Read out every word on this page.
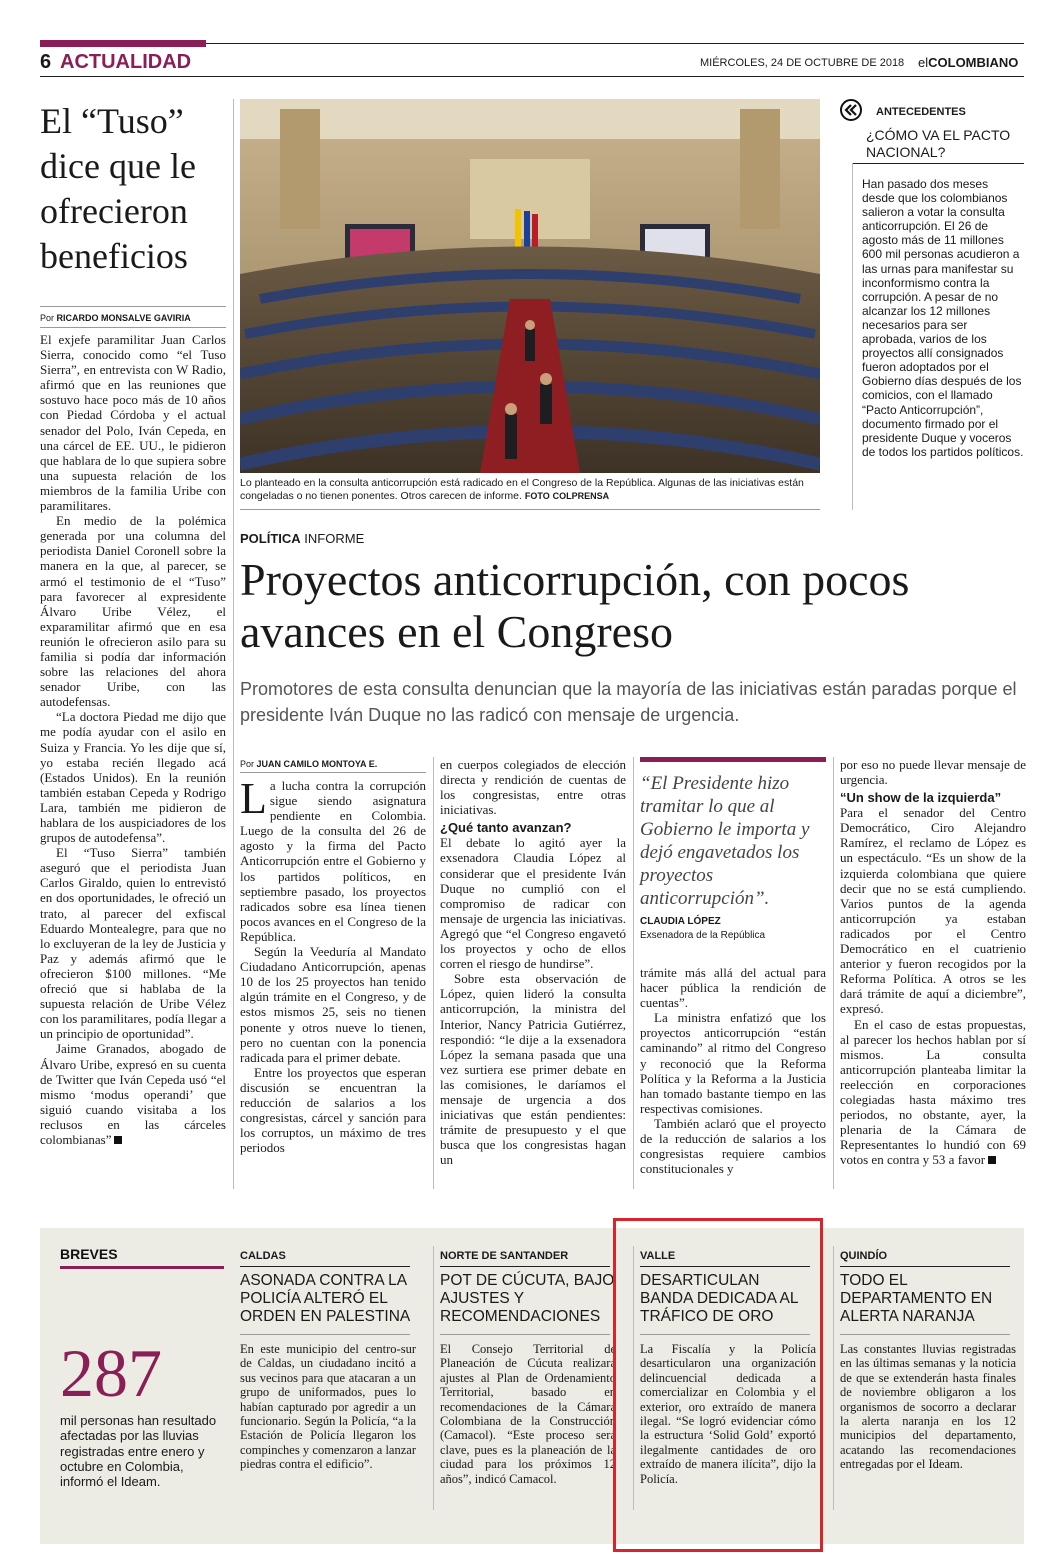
6 ACTUALIDAD	MIÉRCOLES, 24 DE OCTUBRE DE 2018 elCOLOMBIANO
El “Tuso” dice que le ofrecieron beneficios
Por RICARDO MONSALVE GAVIRIA

El exjefe paramilitar Juan Carlos Sierra, conocido como “el Tuso Sierra”, en entrevista con W Radio, afirmó que en las reuniones que sostuvo hace poco más de 10 años con Piedad Córdoba y el actual senador del Polo, Iván Cepeda, en una cárcel de EE. UU., le pidieron que hablara de lo que supiera sobre una supuesta relación de los miembros de la familia Uribe con paramilitares.

En medio de la polémica generada por una columna del periodista Daniel Coronell sobre la manera en la que, al parecer, se armó el testimonio de el “Tuso” para favorecer al expresidente Álvaro Uribe Vélez, el exparamilitar afirmó que en esa reunión le ofrecieron asilo para su familia si podía dar información sobre las relaciones del ahora senador Uribe, con las autodefensas.

“La doctora Piedad me dijo que me podía ayudar con el asilo en Suiza y Francia. Yo les dije que sí, yo estaba recién llegado acá (Estados Unidos). En la reunión también estaban Cepeda y Rodrigo Lara, también me pidieron de hablara de los auspiciadores de los grupos de autodefensa”.

El “Tuso Sierra” también aseguró que el periodista Juan Carlos Giraldo, quien lo entrevistó en dos oportunidades, le ofreció un trato, al parecer del exfiscal Eduardo Montealegre, para que no lo excluyeran de la ley de Justicia y Paz y además afirmó que le ofrecieron $100 millones. “Me ofreció que si hablaba de la supuesta relación de Uribe Vélez con los paramilitares, podía llegar a un principio de oportunidad”.

Jaime Granados, abogado de Álvaro Uribe, expresó en su cuenta de Twitter que Iván Cepeda usó “el mismo ‘modus operandi’ que siguió cuando visitaba a los reclusos en las cárceles colombianas”

Lo planteado en la consulta anticorrupción está radicado en el Congreso de la República. Algunas de las iniciativas están congeladas o no tienen ponentes. Otros carecen de informe. FOTO COLPRENSA
ANTECEDENTES
¿CÓMO VA EL PACTO NACIONAL?
Han pasado dos meses desde que los colombianos salieron a votar la consulta anticorrupción. El 26 de agosto más de 11 millones 600 mil personas acudieron a las urnas para manifestar su inconformismo contra la corrupción. A pesar de no alcanzar los 12 millones necesarios para ser aprobada, varios de los proyectos allí consignados fueron adoptados por el Gobierno días después de los comicios, con el llamado “Pacto Anticorrupción”, documento firmado por el presidente Duque y voceros de todos los partidos políticos.
POLÍTICA INFORME
Proyectos anticorrupción, con pocos avances en el Congreso
Promotores de esta consulta denuncian que la mayoría de las iniciativas están paradas porque el presidente Iván Duque no las radicó con mensaje de urgencia.
Por JUAN CAMILO MONTOYA E.

La lucha contra la corrupción sigue siendo asignatura pendiente en Colombia. Luego de la consulta del 26 de agosto y la firma del Pacto Anticorrupción entre el Gobierno y los partidos políticos, en septiembre pasado, los proyectos radicados sobre esa línea tienen pocos avances en el Congreso de la República.

Según la Veeduría al Mandato Ciudadano Anticorrupción, apenas 10 de los 25 proyectos han tenido algún trámite en el Congreso, y de estos mismos 25, seis no tienen ponente y otros nueve lo tienen, pero no cuentan con la ponencia radicada para el primer debate.

Entre los proyectos que esperan discusión se encuentran la reducción de salarios a los congresistas, cárcel y sanción para los corruptos, un máximo de tres periodos

en cuerpos colegiados de elección directa y rendición de cuentas de los congresistas, entre otras iniciativas.

¿Qué tanto avanzan?

El debate lo agitó ayer la exsenadora Claudia López al considerar que el presidente Iván Duque no cumplió con el compromiso de radicar con mensaje de urgencia las iniciativas. Agregó que “el Congreso engavetó los proyectos y ocho de ellos corren el riesgo de hundirse”.

Sobre esta observación de López, quien lideró la consulta anticorrupción, la ministra del Interior, Nancy Patricia Gutiérrez, respondió: “le dije a la exsenadora López la semana pasada que una vez surtiera ese primer debate en las comisiones, le daríamos el mensaje de urgencia a dos iniciativas que están pendientes: trámite de presupuesto y el que busca que los congresistas hagan un

“El Presidente hizo tramitar lo que al Gobierno le importa y dejó engavetados los proyectos anticorrupción”.
CLAUDIA LÓPEZ
Exsenadora de la República

trámite más allá del actual para hacer pública la rendición de cuentas”.

La ministra enfatizó que los proyectos anticorrupción “están caminando” al ritmo del Congreso y reconoció que la Reforma Política y la Reforma a la Justicia han tomado bastante tiempo en las respectivas comisiones.

También aclaró que el proyecto de la reducción de salarios a los congresistas requiere cambios constitucionales y

por eso no puede llevar mensaje de urgencia.

“Un show de la izquierda”

Para el senador del Centro Democrático, Ciro Alejandro Ramírez, el reclamo de López es un espectáculo. “Es un show de la izquierda colombiana que quiere decir que no se está cumpliendo. Varios puntos de la agenda anticorrupción ya estaban radicados por el Centro Democrático en el cuatrienio anterior y fueron recogidos por la Reforma Política. A otros se les dará trámite de aquí a diciembre”, expresó.

En el caso de estas propuestas, al parecer los hechos hablan por sí mismos. La consulta anticorrupción planteaba limitar la reelección en corporaciones colegiadas hasta máximo tres periodos, no obstante, ayer, la plenaria de la Cámara de Representantes lo hundió con 69 votos en contra y 53 a favor

BREVES
287
mil personas han resultado afectadas por las lluvias registradas entre enero y octubre en Colombia, informó el Ideam.
CALDAS
ASONADA CONTRA LA POLICÍA ALTERÓ EL ORDEN EN PALESTINA
En este municipio del centro-sur de Caldas, un ciudadano incitó a sus vecinos para que atacaran a un grupo de uniformados, pues lo habían capturado por agredir a un funcionario. Según la Policía, “a la Estación de Policía llegaron los compinches y comenzaron a lanzar piedras contra el edificio”.
NORTE DE SANTANDER
POT DE CÚCUTA, BAJO AJUSTES Y RECOMENDACIONES
El Consejo Territorial de Planeación de Cúcuta realizará ajustes al Plan de Ordenamiento Territorial, basado en recomendaciones de la Cámara Colombiana de la Construcción (Camacol). “Este proceso será clave, pues es la planeación de la ciudad para los próximos 12 años”, indicó Camacol.
VALLE
DESARTICULAN BANDA DEDICADA AL TRÁFICO DE ORO
La Fiscalía y la Policía desarticularon una organización delincuencial dedicada a comercializar en Colombia y el exterior, oro extraído de manera ilegal. “Se logró evidenciar cómo la estructura ‘Solid Gold’ exportó ilegalmente cantidades de oro extraído de manera ilícita”, dijo la Policía.
QUINDÍO
TODO EL DEPARTAMENTO EN ALERTA NARANJA
Las constantes lluvias registradas en las últimas semanas y la noticia de que se extenderán hasta finales de noviembre obligaron a los organismos de socorro a declarar la alerta naranja en los 12 municipios del departamento, acatando las recomendaciones entregadas por el Ideam.
